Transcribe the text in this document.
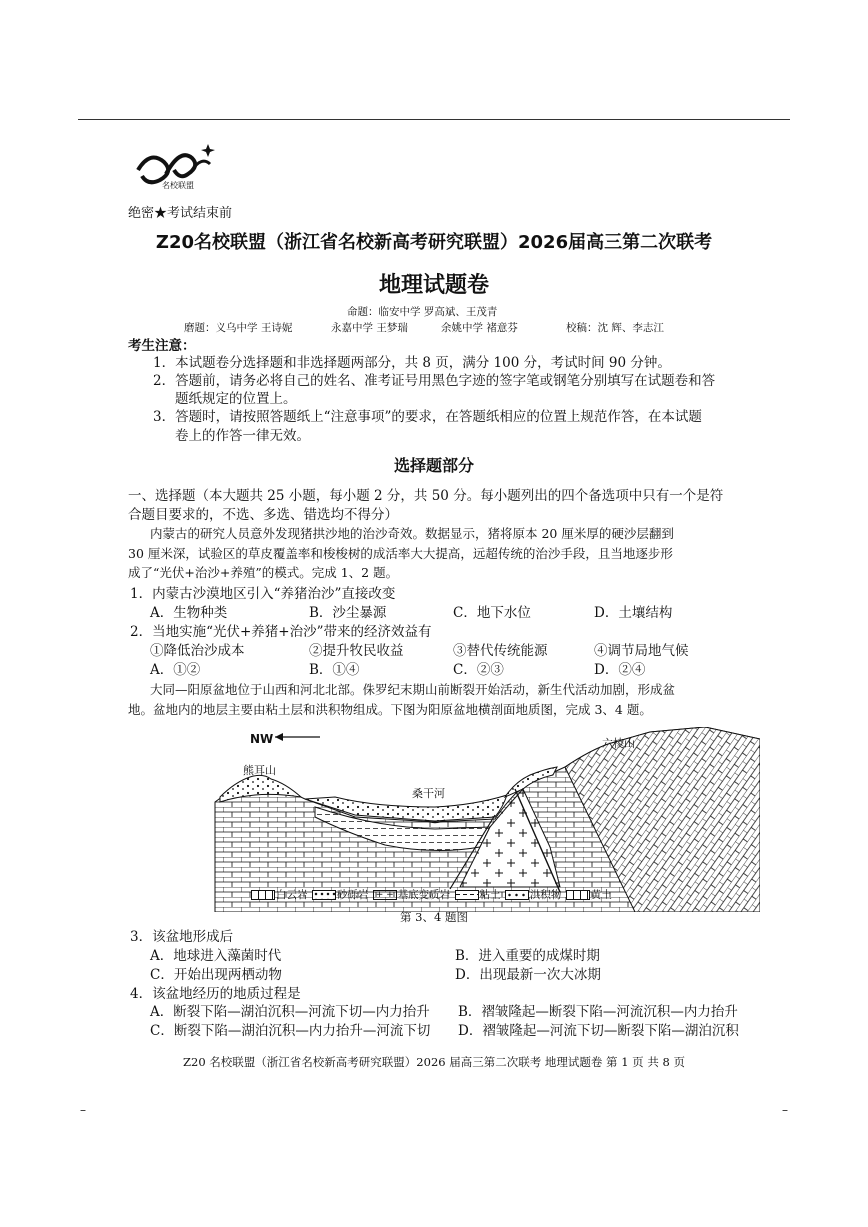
名校联盟
绝密★考试结束前
Z20名校联盟（浙江省名校新高考研究联盟）2026届高三第二次联考
地理试题卷
命题：临安中学 罗高斌、王茂青
磨题：义乌中学 王诗妮	永嘉中学 王梦瑞	余姚中学 褚意芬	校稿：沈 辉、李志江
考生注意：
1．本试题卷分选择题和非选择题两部分，共 8 页，满分 100 分，考试时间 90 分钟。
2．答题前，请务必将自己的姓名、准考证号用黑色字迹的签字笔或钢笔分别填写在试题卷和答
题纸规定的位置上。
3．答题时，请按照答题纸上“注意事项”的要求，在答题纸相应的位置上规范作答，在本试题
卷上的作答一律无效。
选择题部分
一、选择题（本大题共 25 小题，每小题 2 分，共 50 分。每小题列出的四个备选项中只有一个是符
合题目要求的，不选、多选、错选均不得分）
内蒙古的研究人员意外发现猪拱沙地的治沙奇效。数据显示，猪将原本 20 厘米厚的硬沙层翻到
30 厘米深，试验区的草皮覆盖率和梭梭树的成活率大大提高，远超传统的治沙手段，且当地逐步形
成了“光伏+治沙+养殖”的模式。完成 1、2 题。
1．内蒙古沙漠地区引入“养猪治沙”直接改变
A．生物种类	B．沙尘暴源	C．地下水位	D．土壤结构
2．当地实施“光伏+养猪+治沙”带来的经济效益有
①降低治沙成本	②提升牧民收益	③替代传统能源	④调节局地气候
A．①②	B．①④	C．②③	D．②④
大同—阳原盆地位于山西和河北北部。侏罗纪末期山前断裂开始活动，新生代活动加剧，形成盆
地。盆地内的地层主要由粘土层和洪积物组成。下图为阳原盆地横剖面地质图，完成 3、4 题。
NW
熊耳山
六棱山
桑干河
白云岩	砂砾岩 + + 基底变质岩	粘土	洪积物	黄土
第 3、4 题图
3．该盆地形成后
A．地球进入藻菌时代	B．进入重要的成煤时期
C．开始出现两栖动物	D．出现最新一次大冰期
4．该盆地经历的地质过程是
A．断裂下陷—湖泊沉积—河流下切—内力抬升 B．褶皱隆起—断裂下陷—河流沉积—内力抬升
C．断裂下陷—湖泊沉积—内力抬升—河流下切 D．褶皱隆起—河流下切—断裂下陷—湖泊沉积
Z20 名校联盟（浙江省名校新高考研究联盟）2026 届高三第二次联考 地理试题卷 第 1 页 共 8 页
–	–
